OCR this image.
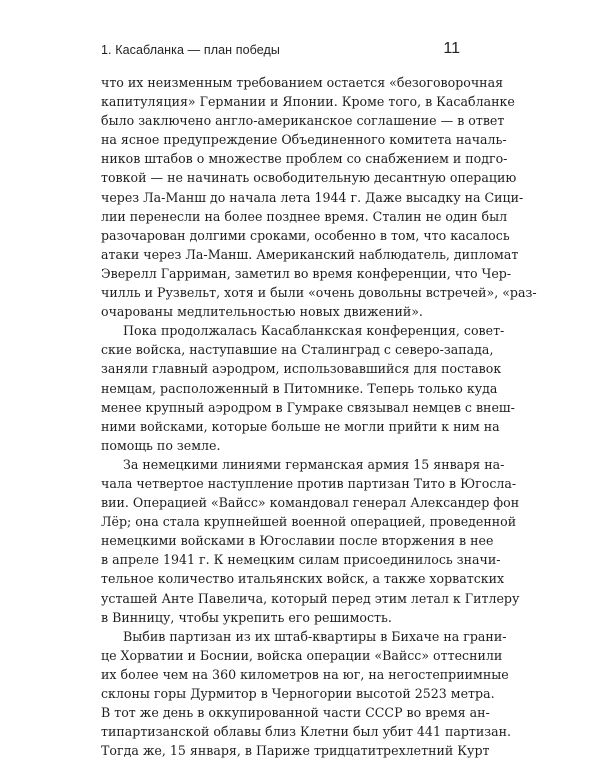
1. Касабланка — план победы	11

что их неизменным требованием остается «безоговорочная
капитуляция» Германии и Японии. Кроме того, в Касабланке
было заключено англо-американское соглашение — в ответ
на ясное предупреждение Объединенного комитета началь-
ников штабов о множестве проблем со снабжением и подго-
товкой — не начинать освободительную десантную операцию
через Ла-Манш до начала лета 1944 г. Даже высадку на Сици-
лии перенесли на более позднее время. Сталин не один был
разочарован долгими сроками, особенно в том, что касалось
атаки через Ла-Манш. Американский наблюдатель, дипломат
Эверелл Гарриман, заметил во время конференции, что Чер-
чилль и Рузвельт, хотя и были «очень довольны встречей», «раз-
очарованы медлительностью новых движений».

Пока продолжалась Касабланкская конференция, совет-
ские войска, наступавшие на Сталинград с северо-запада,
заняли главный аэродром, использовавшийся для поставок
немцам, расположенный в Питомнике. Теперь только куда
менее крупный аэродром в Гумраке связывал немцев с внеш-
ними войсками, которые больше не могли прийти к ним на
помощь по земле.

За немецкими линиями германская армия 15 января на-
чала четвертое наступление против партизан Тито в Югосла-
вии. Операцией «Вайсс» командовал генерал Александер фон
Лёр; она стала крупнейшей военной операцией, проведенной
немецкими войсками в Югославии после вторжения в нее
в апреле 1941 г. К немецким силам присоединилось значи-
тельное количество итальянских войск, а также хорватских
усташей Анте Павелича, который перед этим летал к Гитлеру
в Винницу, чтобы укрепить его решимость.

Выбив партизан из их штаб-квартиры в Бихаче на грани-
це Хорватии и Боснии, войска операции «Вайсс» оттеснили
их более чем на 360 километров на юг, на негостеприимные
склоны горы Дурмитор в Черногории высотой 2523 метра.
В тот же день в оккупированной части СССР во время ан-
типартизанской облавы близ Клетни был убит 441 партизан.
Тогда же, 15 января, в Париже тридцатитрехлетний Курт
